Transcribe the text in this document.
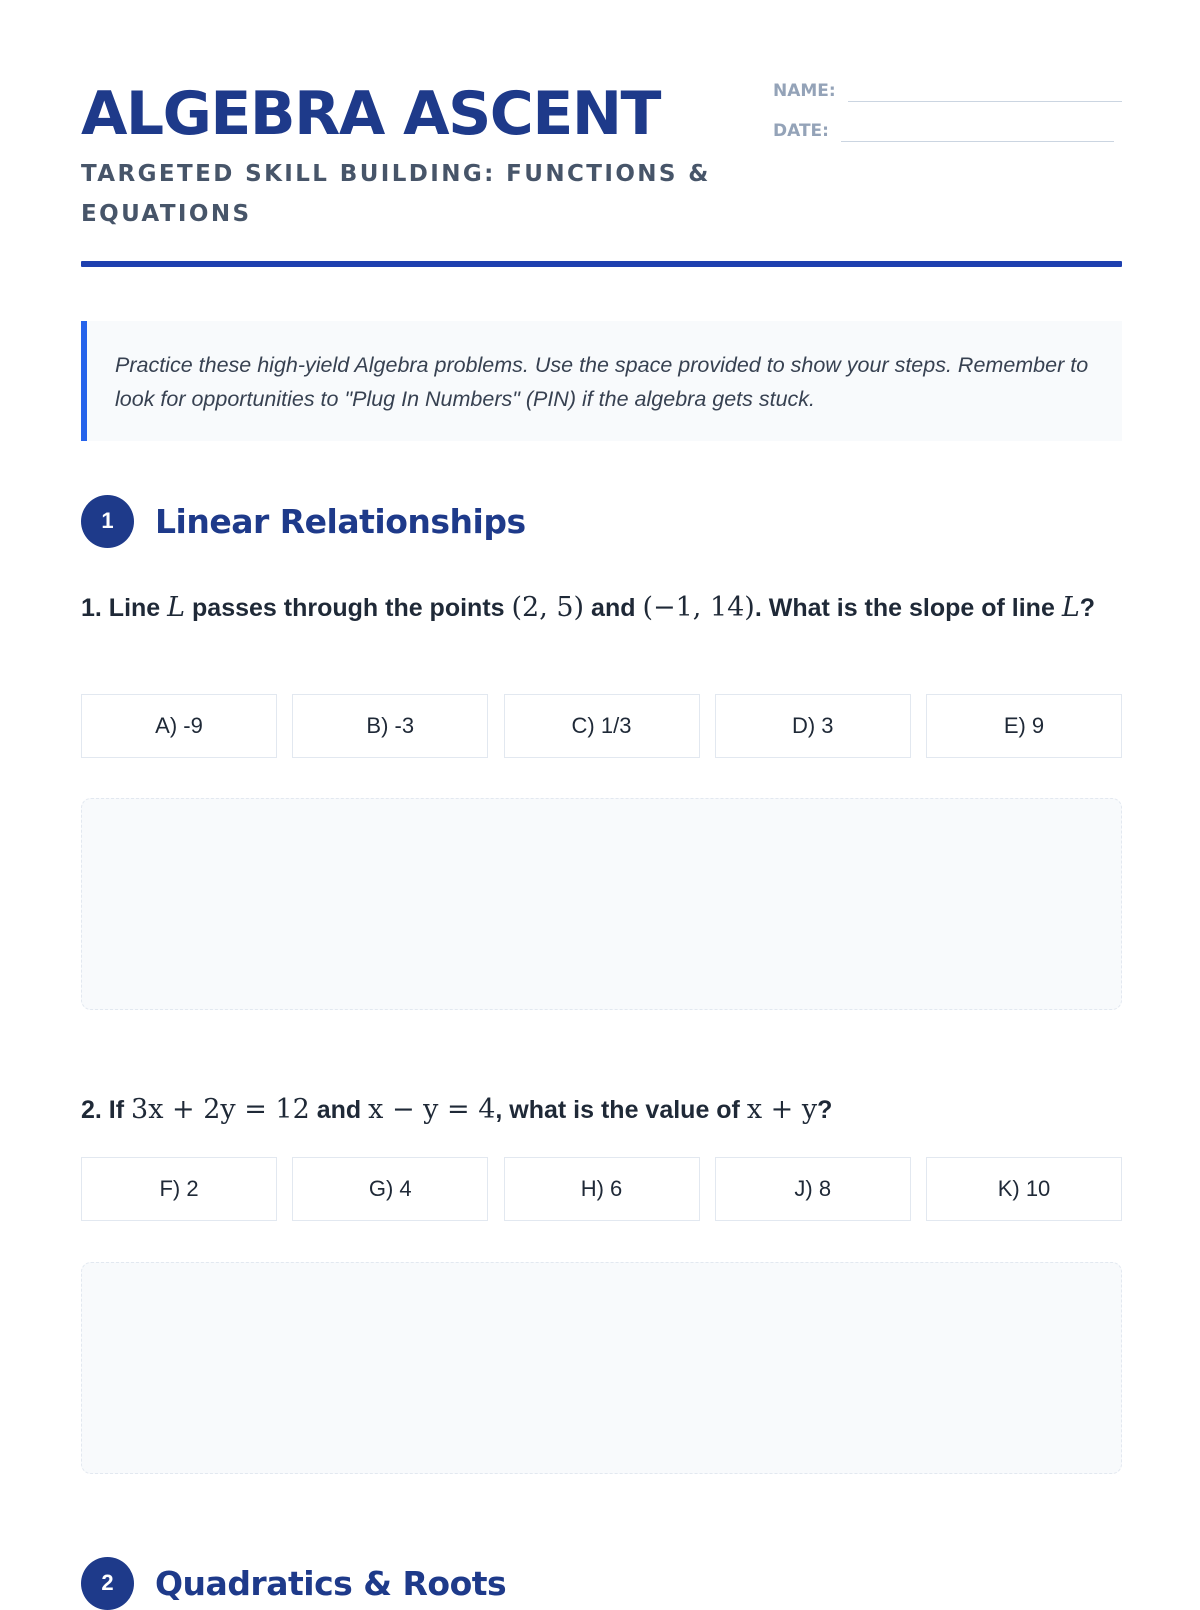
ALGEBRA ASCENT

TARGETED SKILL BUILDING: FUNCTIONS & EQUATIONS

NAME:
DATE:
Practice these high-yield Algebra problems. Use the space provided to show your steps. Remember to look for opportunities to "Plug In Numbers" (PIN) if the algebra gets stuck.
1	Linear Relationships

1. Line L passes through the points (2, 5) and (−1, 14). What is the slope of line L?

A) -9	B) -3	C) 1/3	D) 3	E) 9

2. If 3x + 2y = 12 and x − y = 4, what is the value of x + y?

F) 2	G) 4	H) 6	J) 8	K) 10
2	Quadratics & Roots
